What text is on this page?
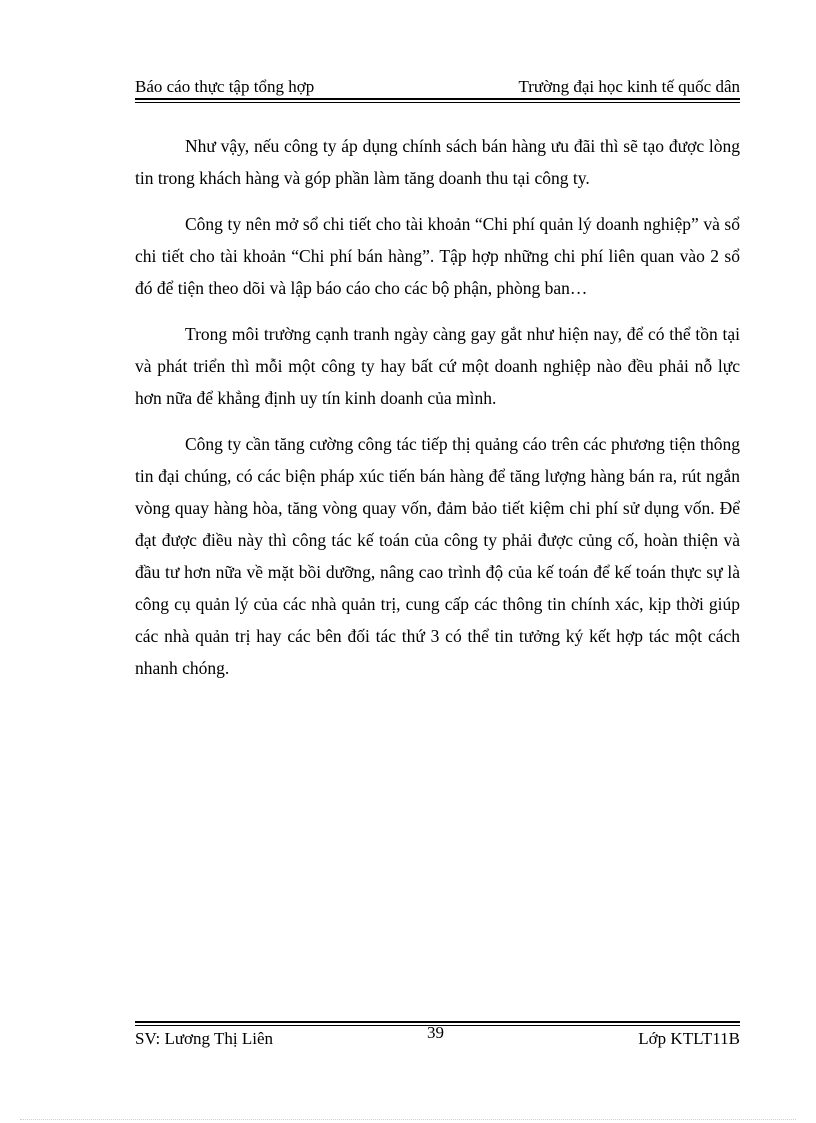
Báo cáo thực tập tổng hợp	Trường đại học kinh tế quốc dân

Như vậy, nếu công ty áp dụng chính sách bán hàng ưu đãi thì sẽ tạo được lòng tin trong khách hàng và góp phần làm tăng doanh thu tại công ty.

Công ty nên mở sổ chi tiết cho tài khoản “Chi phí quản lý doanh nghiệp” và sổ chi tiết cho tài khoản “Chi phí bán hàng”. Tập hợp những chi phí liên quan vào 2 sổ đó để tiện theo dõi và lập báo cáo cho các bộ phận, phòng ban…

Trong môi trường cạnh tranh ngày càng gay gắt như hiện nay, để có thể tồn tại và phát triển thì mỗi một công ty hay bất cứ một doanh nghiệp nào đều phải nỗ lực hơn nữa để khẳng định uy tín kinh doanh của mình.

Công ty cần tăng cường công tác tiếp thị quảng cáo trên các phương tiện thông tin đại chúng, có các biện pháp xúc tiến bán hàng để tăng lượng hàng bán ra, rút ngắn vòng quay hàng hòa, tăng vòng quay vốn, đảm bảo tiết kiệm chi phí sử dụng vốn. Để đạt được điều này thì công tác kế toán của công ty phải được củng cố, hoàn thiện và đầu tư hơn nữa về mặt bồi dưỡng, nâng cao trình độ của kế toán để kế toán thực sự là công cụ quản lý của các nhà quản trị, cung cấp các thông tin chính xác, kịp thời giúp các nhà quản trị hay các bên đối tác thứ 3 có thể tin tưởng ký kết hợp tác một cách nhanh chóng.

SV: Lương Thị Liên	39	Lớp KTLT11B
